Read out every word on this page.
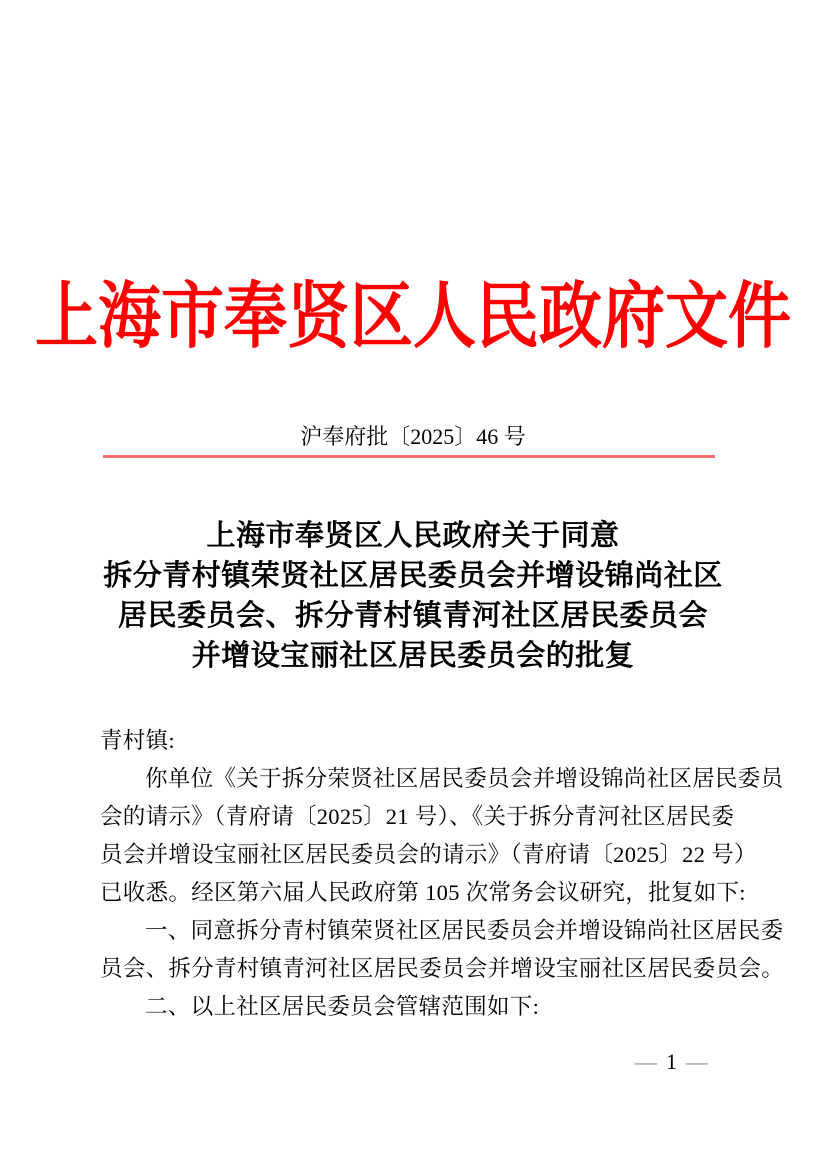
上海市奉贤区人民政府文件
沪奉府批〔2025〕46 号
上海市奉贤区人民政府关于同意
拆分青村镇荣贤社区居民委员会并增设锦尚社区
居民委员会、拆分青村镇青河社区居民委员会
并增设宝丽社区居民委员会的批复
青村镇:
你单位《关于拆分荣贤社区居民委员会并增设锦尚社区居民委员
会的请示》（青府请〔2025〕21 号）、《关于拆分青河社区居民委
员会并增设宝丽社区居民委员会的请示》（青府请〔2025〕22 号）
已收悉。经区第六届人民政府第 105 次常务会议研究，批复如下:
一、同意拆分青村镇荣贤社区居民委员会并增设锦尚社区居民委
员会、拆分青村镇青河社区居民委员会并增设宝丽社区居民委员会。
二、以上社区居民委员会管辖范围如下:
— 1 —
